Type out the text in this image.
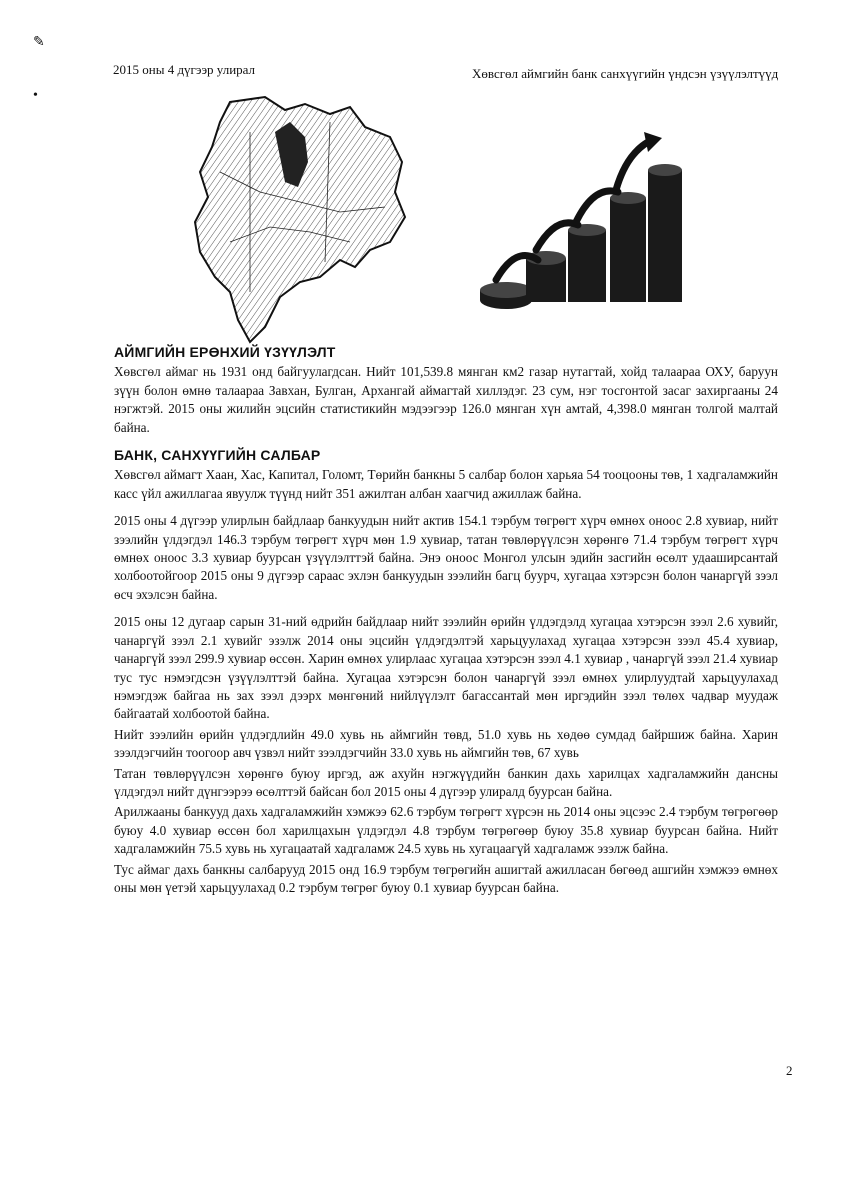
✎
•
2015 оны 4 дүгээр улирал	Хөвсгөл аймгийн банк санхүүгийн үндсэн үзүүлэлтүүд
АЙМГИЙН ЕРӨНХИЙ ҮЗҮҮЛЭЛТ

Хөвсгөл аймаг нь 1931 онд байгуулагдсан. Нийт 101,539.8 мянган км2 газар нутагтай, хойд талаараа ОХУ, баруун зүүн болон өмнө талаараа Завхан, Булган, Архангай аймагтай хиллэдэг. 23 сум, нэг тосгонтой засаг захиргааны 24 нэгжтэй. 2015 оны жилийн эцсийн статистикийн мэдээгээр 126.0 мянган хүн амтай, 4,398.0 мянган толгой малтай байна.

БАНК, САНХҮҮГИЙН САЛБАР

Хөвсгөл аймагт Хаан, Хас, Капитал, Голомт, Төрийн банкны 5 салбар болон харьяа 54 тооцооны төв, 1 хадгаламжийн касс үйл ажиллагаа явуулж түүнд нийт 351 ажилтан албан хаагчид ажиллаж байна.

2015 оны 4 дүгээр улирлын байдлаар банкуудын нийт актив 154.1 тэрбум төгрөгт хүрч өмнөх оноос 2.8 хувиар, нийт зээлийн үлдэгдэл 146.3 тэрбум төгрөгт хүрч мөн 1.9 хувиар, татан төвлөрүүлсэн хөрөнгө 71.4 тэрбум төгрөгт хүрч өмнөх оноос 3.3 хувиар буурсан үзүүлэлттэй байна. Энэ оноос Монгол улсын эдийн засгийн өсөлт удааширсантай холбоотойгоор 2015 оны 9 дүгээр сараас эхлэн банкуудын зээлийн багц буурч, хугацаа хэтэрсэн болон чанаргүй зээл өсч эхэлсэн байна.

2015 оны 12 дугаар сарын 31-ний өдрийн байдлаар нийт зээлийн өрийн үлдэгдэлд хугацаа хэтэрсэн зээл 2.6 хувийг, чанаргүй зээл 2.1 хувийг эзэлж 2014 оны эцсийн үлдэгдэлтэй харьцуулахад хугацаа хэтэрсэн зээл 45.4 хувиар, чанаргүй зээл 299.9 хувиар өссөн. Харин өмнөх улирлаас хугацаа хэтэрсэн зээл 4.1 хувиар , чанаргүй зээл 21.4 хувиар тус тус нэмэгдсэн үзүүлэлттэй байна. Хугацаа хэтэрсэн болон чанаргүй зээл өмнөх улирлуудтай харьцуулахад нэмэгдэж байгаа нь зах зээл дээрх мөнгөний нийлүүлэлт багассантай мөн иргэдийн зээл төлөх чадвар муудаж байгаатай холбоотой байна.

Нийт зээлийн өрийн үлдэгдлийн 49.0 хувь нь аймгийн төвд, 51.0 хувь нь хөдөө сумдад байршиж байна. Харин зээлдэгчийн тоогоор авч үзвэл нийт зээлдэгчийн 33.0 хувь нь аймгийн төв, 67 хувь

Татан төвлөрүүлсэн хөрөнгө буюу иргэд, аж ахуйн нэгжүүдийн банкин дахь харилцах хадгаламжийн дансны үлдэгдэл нийт дүнгээрээ өсөлттэй байсан бол 2015 оны 4 дүгээр улиралд буурсан байна.

Арилжааны банкууд дахь хадгаламжийн хэмжээ 62.6 тэрбум төгрөгт хүрсэн нь 2014 оны эцсээс 2.4 тэрбум төгрөгөөр буюу 4.0 хувиар өссөн бол харилцахын үлдэгдэл 4.8 тэрбум төгрөгөөр буюу 35.8 хувиар буурсан байна. Нийт хадгаламжийн 75.5 хувь нь хугацаатай хадгаламж 24.5 хувь нь хугацаагүй хадгаламж эзэлж байна.

Тус аймаг дахь банкны салбарууд 2015 онд 16.9 тэрбум төгрөгийн ашигтай ажилласан бөгөөд ашгийн хэмжээ өмнөх оны мөн үетэй харьцуулахад 0.2 тэрбум төгрөг буюу 0.1 хувиар буурсан байна.

2
